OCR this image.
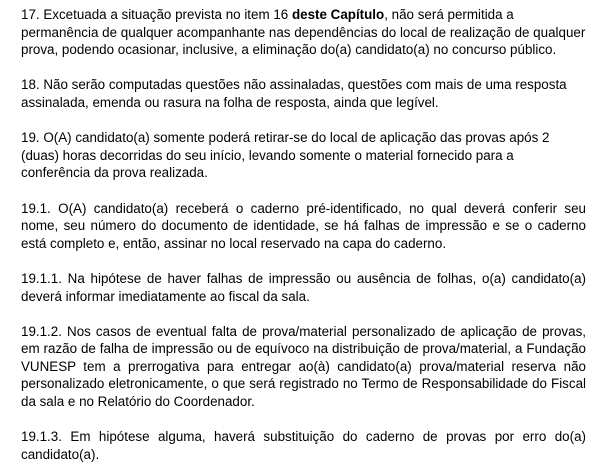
17. Excetuada a situação prevista no item 16 deste Capítulo, não será permitida a permanência de qualquer acompanhante nas dependências do local de realização de qualquer prova, podendo ocasionar, inclusive, a eliminação do(a) candidato(a) no concurso público.

18. Não serão computadas questões não assinaladas, questões com mais de uma resposta assinalada, emenda ou rasura na folha de resposta, ainda que legível.

19. O(A) candidato(a) somente poderá retirar-se do local de aplicação das provas após 2 (duas) horas decorridas do seu início, levando somente o material fornecido para a conferência da prova realizada.

19.1. O(A) candidato(a) receberá o caderno pré-identificado, no qual deverá conferir seu nome, seu número do documento de identidade, se há falhas de impressão e se o caderno está completo e, então, assinar no local reservado na capa do caderno.

19.1.1. Na hipótese de haver falhas de impressão ou ausência de folhas, o(a) candidato(a) deverá informar imediatamente ao fiscal da sala.

19.1.2. Nos casos de eventual falta de prova/material personalizado de aplicação de provas, em razão de falha de impressão ou de equívoco na distribuição de prova/material, a Fundação VUNESP tem a prerrogativa para entregar ao(à) candidato(a) prova/material reserva não personalizado eletronicamente, o que será registrado no Termo de Responsabilidade do Fiscal da sala e no Relatório do Coordenador.

19.1.3. Em hipótese alguma, haverá substituição do caderno de provas por erro do(a) candidato(a).
